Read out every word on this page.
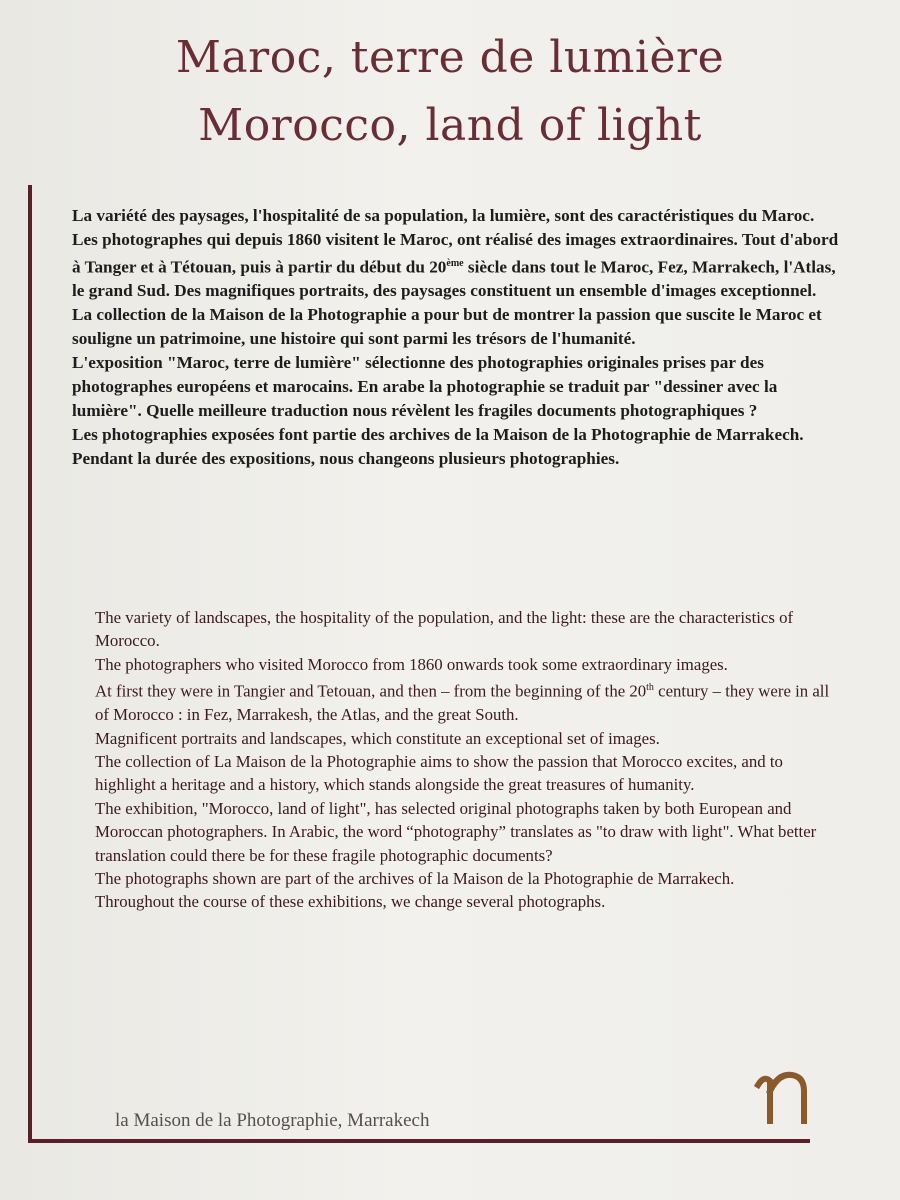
Maroc, terre de lumière
Morocco, land of light

La variété des paysages, l'hospitalité de sa population, la lumière, sont des caractéristiques du Maroc.

Les photographes qui depuis 1860 visitent le Maroc, ont réalisé des images extraordinaires. Tout d'abord à Tanger et à Tétouan, puis à partir du début du 20ème siècle dans tout le Maroc, Fez, Marrakech, l'Atlas, le grand Sud. Des magnifiques portraits, des paysages constituent un ensemble d'images exceptionnel.

La collection de la Maison de la Photographie a pour but de montrer la passion que suscite le Maroc et souligne un patrimoine, une histoire qui sont parmi les trésors de l'humanité.

L'exposition "Maroc, terre de lumière" sélectionne des photographies originales prises par des photographes européens et marocains. En arabe la photographie se traduit par "dessiner avec la lumière". Quelle meilleure traduction nous révèlent les fragiles documents photographiques ?

Les photographies exposées font partie des archives de la Maison de la Photographie de Marrakech.

Pendant la durée des expositions, nous changeons plusieurs photographies.

The variety of landscapes, the hospitality of the population, and the light: these are the characteristics of Morocco.

The photographers who visited Morocco from 1860 onwards took some extraordinary images.

At first they were in Tangier and Tetouan, and then – from the beginning of the 20th century – they were in all of Morocco : in Fez, Marrakesh, the Atlas, and the great South.

Magnificent portraits and landscapes, which constitute an exceptional set of images.

The collection of La Maison de la Photographie aims to show the passion that Morocco excites, and to highlight a heritage and a history, which stands alongside the great treasures of humanity.

The exhibition, "Morocco, land of light", has selected original photographs taken by both European and Moroccan photographers. In Arabic, the word “photography” translates as "to draw with light". What better translation could there be for these fragile photographic documents?

The photographs shown are part of the archives of la Maison de la Photographie de Marrakech.

Throughout the course of these exhibitions, we change several photographs.

la Maison de la Photographie, Marrakech
